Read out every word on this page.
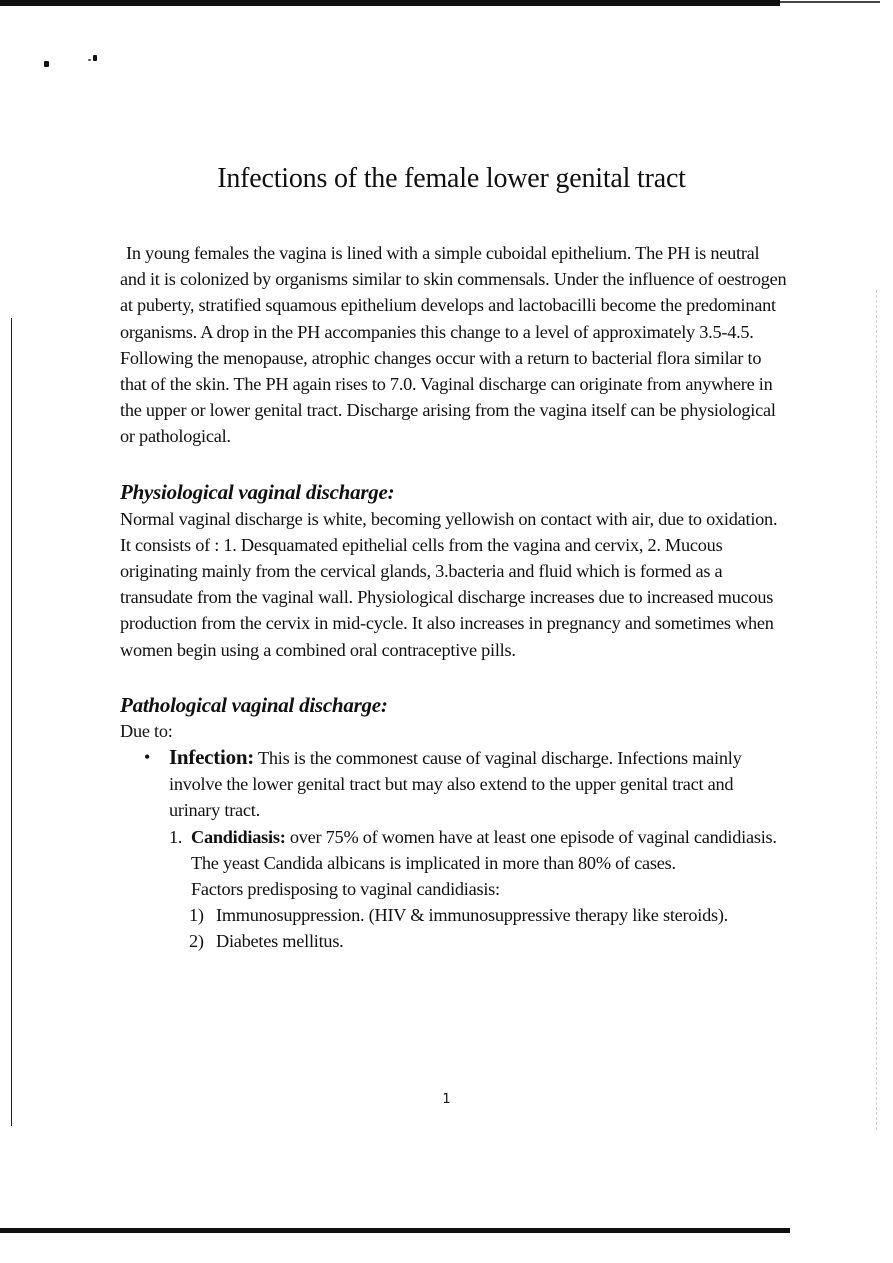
Infections of the female lower genital tract

In young females the vagina is lined with a simple cuboidal epithelium. The PH is neutral and it is colonized by organisms similar to skin commensals. Under the influence of oestrogen at puberty, stratified squamous epithelium develops and lactobacilli become the predominant organisms. A drop in the PH accompanies this change to a level of approximately 3.5-4.5. Following the menopause, atrophic changes occur with a return to bacterial flora similar to that of the skin. The PH again rises to 7.0. Vaginal discharge can originate from anywhere in the upper or lower genital tract. Discharge arising from the vagina itself can be physiological or pathological.

Physiological vaginal discharge:

Normal vaginal discharge is white, becoming yellowish on contact with air, due to oxidation. It consists of : 1. Desquamated epithelial cells from the vagina and cervix, 2. Mucous originating mainly from the cervical glands, 3.bacteria and fluid which is formed as a transudate from the vaginal wall. Physiological discharge increases due to increased mucous production from the cervix in mid-cycle. It also increases in pregnancy and sometimes when women begin using a combined oral contraceptive pills.

Pathological vaginal discharge:

Due to:

• Infection: This is the commonest cause of vaginal discharge. Infections mainly involve the lower genital tract but may also extend to the upper genital tract and urinary tract.
1. Candidiasis: over 75% of women have at least one episode of vaginal candidiasis. The yeast Candida albicans is implicated in more than 80% of cases.

Factors predisposing to vaginal candidiasis:

1) Immunosuppression. (HIV & immunosuppressive therapy like steroids).
2) Diabetes mellitus.
1
